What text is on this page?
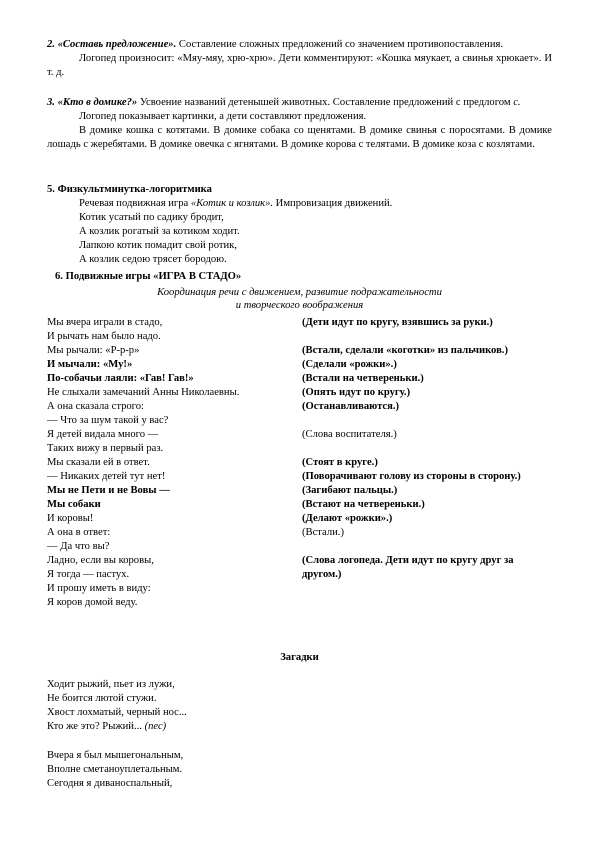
2. «Составь предложение». Составление сложных предложений со значением противопоставления.

Логопед произносит: «Мяу-мяу, хрю-хрю». Дети комментируют: «Кошка мяукает, а свинья хрюкает». И т. д.

3. «Кто в домике?» Усвоение названий детенышей животных. Составление предложений с предлогом с.

Логопед показывает картинки, а дети составляют предложения.

В домике кошка с котятами. В домике собака со щенятами. В домике свинья с поросятами. В домике лошадь с жеребятами. В домике овечка с ягнятами. В домике корова с телятами. В домике коза с козлятами.

5. Физкультминутка-логоритмика

Речевая подвижная игра «Котик и козлик». Импровизация движений.

Котик усатый по садику бродит,

А козлик рогатый за котиком ходит.

Лапкою котик помадит свой ротик,

А козлик седою трясет бородою.

6. Подвижные игры «ИГРА В СТАДО»

Координация речи с движением, развитие подражательности

и творческого воображения

Мы вчера играли в стадо,	(Дети идут по кругу, взявшись за руки.)
И рычать нам было надо.
Мы рычали: «Р-р-р»	(Встали, сделали «коготки» из пальчиков.)
И мычали: «Му!»	(Сделали «рожки».)
По-собачьи лаяли: «Гав! Гав!»	(Встали на четвереньки.)
Не слыхали замечаний Анны Николаевны.	(Опять идут по кругу.)
А она сказала строго:	(Останавливаются.)
— Что за шум такой у вас?
Я детей видала много —	(Слова воспитателя.)
Таких вижу в первый раз.
Мы сказали ей в ответ.	(Стоят в круге.)
— Никаких детей тут нет!	(Поворачивают голову из стороны в сторону.)
Мы не Пети и не Вовы —	(Загибают пальцы.)
Мы собаки	(Встают на четвереньки.)
И коровы!	(Делают «рожки».)
А она в ответ:	(Встали.)
— Да что вы?
Ладно, если вы коровы,	(Слова логопеда. Дети идут по кругу друг за
Я тогда — пастух.	другом.)
И прошу иметь в виду:
Я коров домой веду.

Загадки

Ходит рыжий, пьет из лужи,

Не боится лютой стужи.

Хвост лохматый, черный нос...

Кто же это? Рыжий... (пес)

Вчера я был мышегональным,

Вполне сметаноуплетальным.

Сегодня я диваноспальный,
